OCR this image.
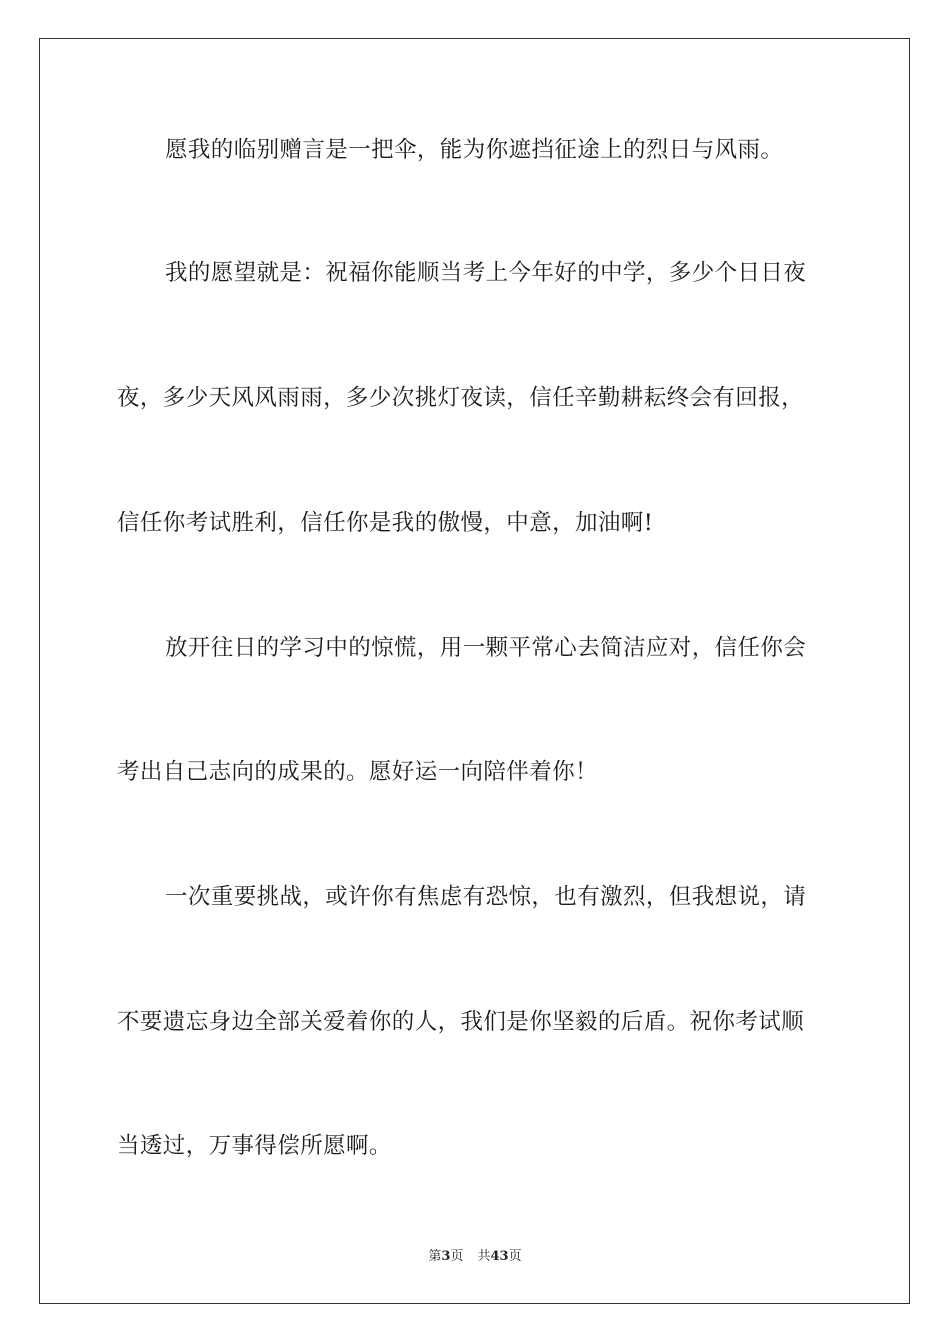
愿我的临别赠言是一把伞，能为你遮挡征途上的烈日与风雨。
我的愿望就是：祝福你能顺当考上今年好的中学，多少个日日夜
夜，多少天风风雨雨，多少次挑灯夜读，信任辛勤耕耘终会有回报，
信任你考试胜利，信任你是我的傲慢，中意，加油啊!
放开往日的学习中的惊慌，用一颗平常心去简洁应对，信任你会
考出自己志向的成果的。愿好运一向陪伴着你！
一次重要挑战，或许你有焦虑有恐惊，也有激烈，但我想说，请
不要遗忘身边全部关爱着你的人，我们是你坚毅的后盾。祝你考试顺
当透过，万事得偿所愿啊。
第3页 共43页
